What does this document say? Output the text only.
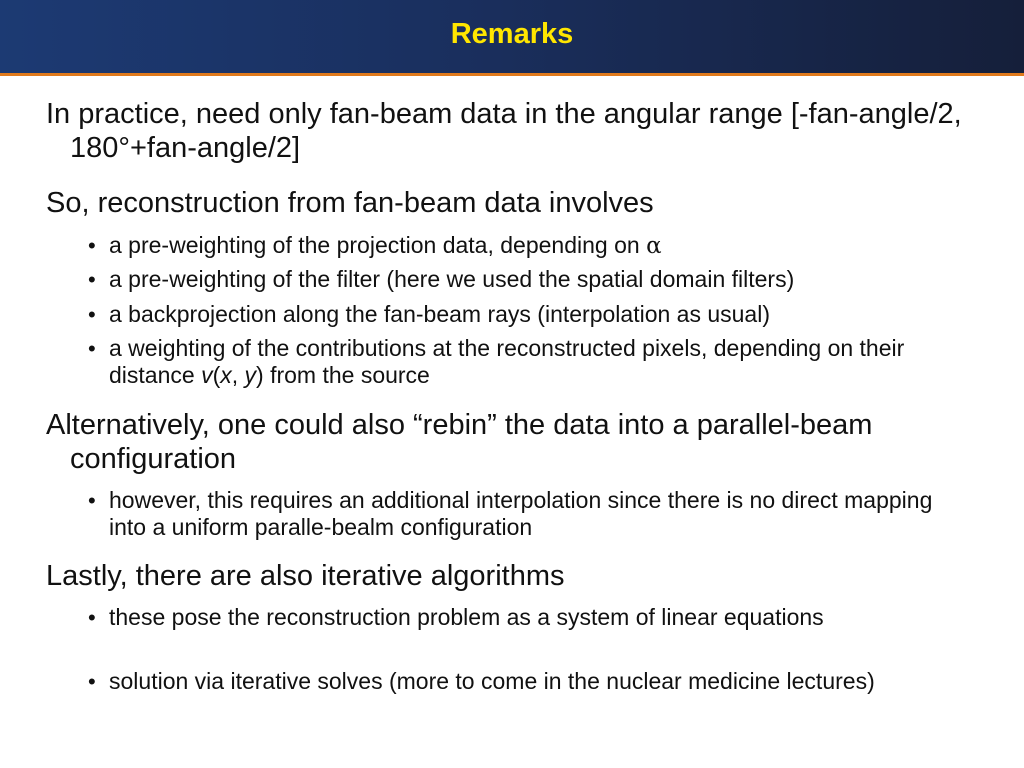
Remarks
In practice, need only fan-beam data in the angular range [-fan-angle/2, 180°+fan-angle/2]
So, reconstruction from fan-beam data involves
• a pre-weighting of the projection data, depending on α
• a pre-weighting of the filter (here we used the spatial domain filters)
• a backprojection along the fan-beam rays (interpolation as usual)
• a weighting of the contributions at the reconstructed pixels, depending on their distance v(x, y) from the source
Alternatively, one could also “rebin” the data into a parallel-beam configuration
• however, this requires an additional interpolation since there is no direct mapping into a uniform paralle-bealm configuration
Lastly, there are also iterative algorithms
• these pose the reconstruction problem as a system of linear equations
• solution via iterative solves (more to come in the nuclear medicine lectures)
